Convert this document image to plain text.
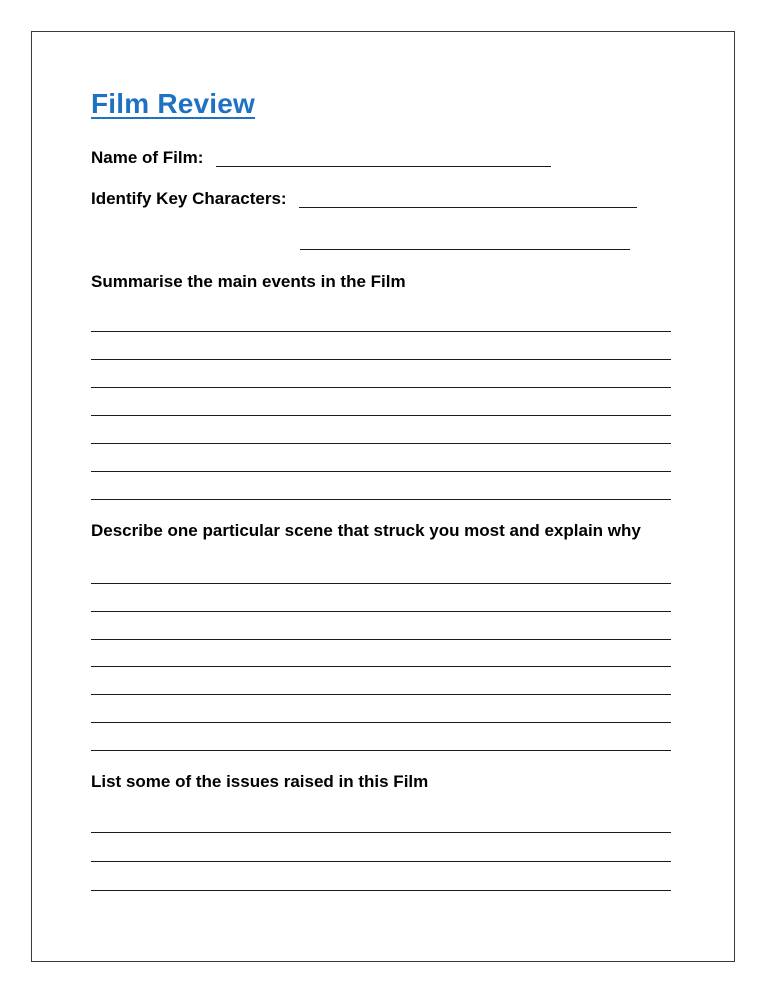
Film Review
Name of Film:
Identify Key Characters:
Summarise the main events in the Film
Describe one particular scene that struck you most and explain why
List some of the issues raised in this Film
